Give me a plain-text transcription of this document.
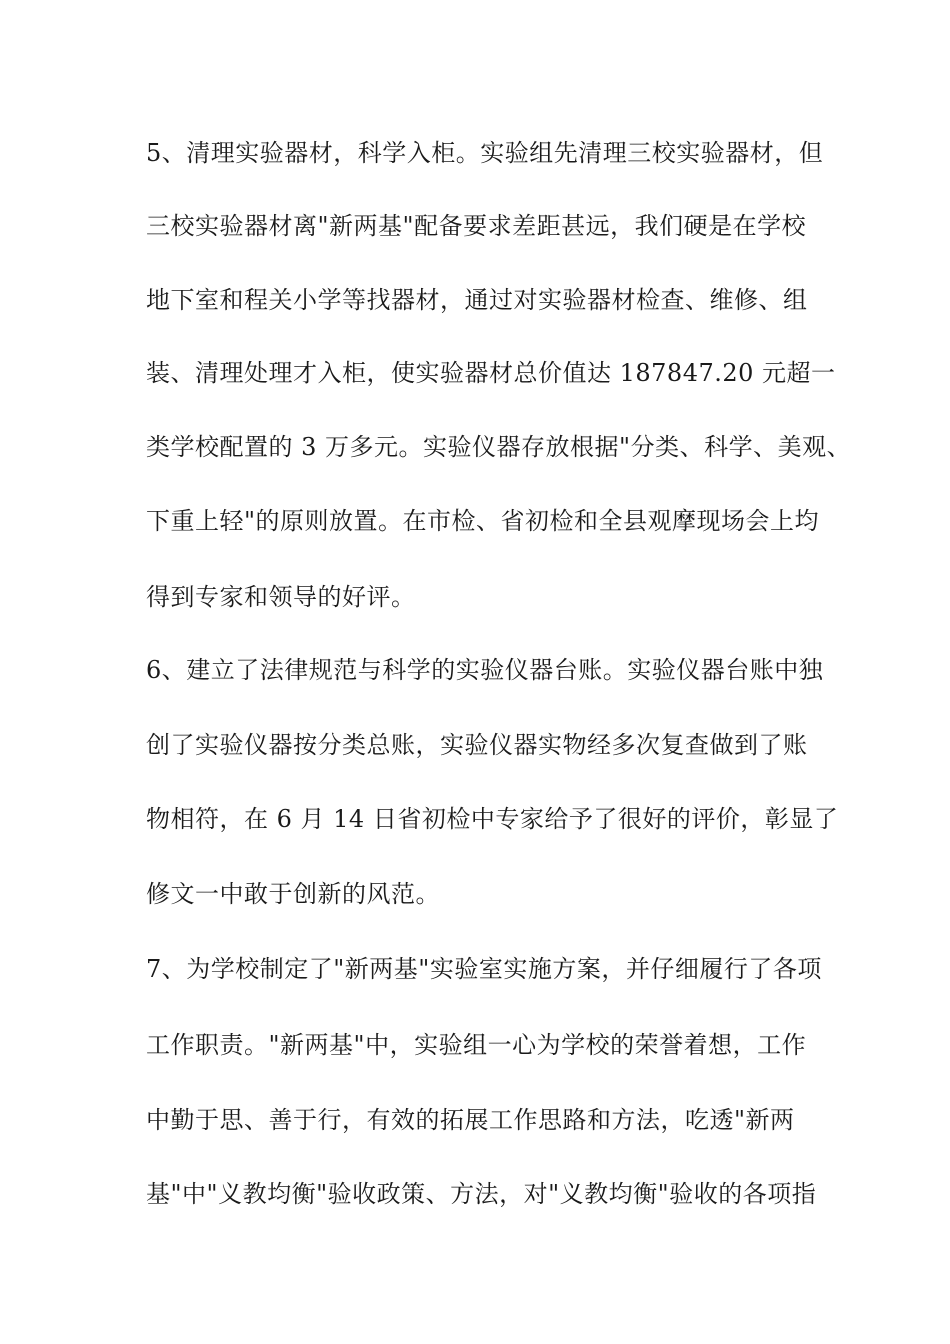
5、清理实验器材，科学入柜。实验组先清理三校实验器材，但

三校实验器材离"新两基"配备要求差距甚远，我们硬是在学校

地下室和程关小学等找器材，通过对实验器材检查、维修、组

装、清理处理才入柜，使实验器材总价值达 187847.20 元超一

类学校配置的 3 万多元。实验仪器存放根据"分类、科学、美观、

下重上轻"的原则放置。在市检、省初检和全县观摩现场会上均

得到专家和领导的好评。

6、建立了法律规范与科学的实验仪器台账。实验仪器台账中独

创了实验仪器按分类总账，实验仪器实物经多次复查做到了账

物相符，在 6 月 14 日省初检中专家给予了很好的评价，彰显了

修文一中敢于创新的风范。

7、为学校制定了"新两基"实验室实施方案，并仔细履行了各项

工作职责。"新两基"中，实验组一心为学校的荣誉着想，工作

中勤于思、善于行，有效的拓展工作思路和方法，吃透"新两

基"中"义教均衡"验收政策、方法，对"义教均衡"验收的各项指
